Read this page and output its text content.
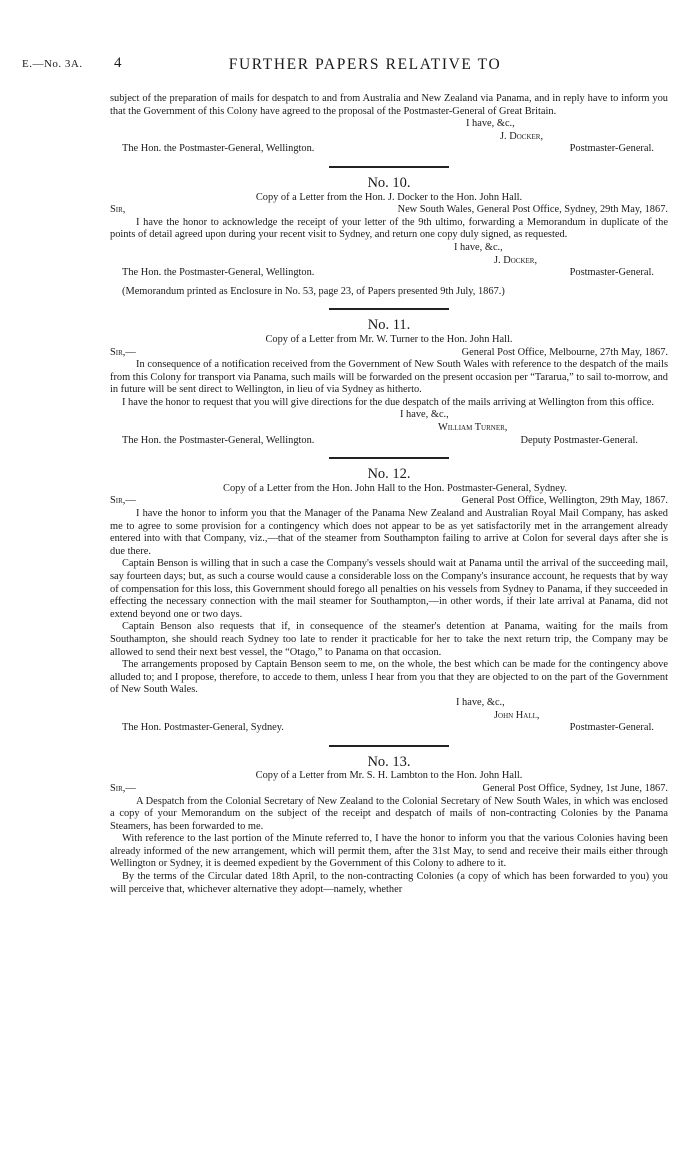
E.—No. 3A. 4	FURTHER PAPERS RELATIVE TO

subject of the preparation of mails for despatch to and from Australia and New Zealand via Panama, and in reply have to inform you that the Government of this Colony have agreed to the proposal of the Postmaster-General of Great Britain.

I have, &c.,

J. Docker,

The Hon. the Postmaster-General, Wellington.	Postmaster-General.

No. 10.

Copy of a Letter from the Hon. J. Docker to the Hon. John Hall.

Sir,	New South Wales, General Post Office, Sydney, 29th May, 1867.

I have the honor to acknowledge the receipt of your letter of the 9th ultimo, forwarding a Memorandum in duplicate of the points of detail agreed upon during your recent visit to Sydney, and return one copy duly signed, as requested.

I have, &c.,

J. Docker,

The Hon. the Postmaster-General, Wellington.	Postmaster-General.

(Memorandum printed as Enclosure in No. 53, page 23, of Papers presented 9th July, 1867.)

No. 11.

Copy of a Letter from Mr. W. Turner to the Hon. John Hall.

Sir,—	General Post Office, Melbourne, 27th May, 1867.

In consequence of a notification received from the Government of New South Wales with reference to the despatch of the mails from this Colony for transport via Panama, such mails will be forwarded on the present occasion per “Tararua,” to sail to-morrow, and in future will be sent direct to Wellington, in lieu of via Sydney as hitherto.

I have the honor to request that you will give directions for the due despatch of the mails arriving at Wellington from this office.

I have, &c.,

William Turner,

The Hon. the Postmaster-General, Wellington.	Deputy Postmaster-General.

No. 12.

Copy of a Letter from the Hon. John Hall to the Hon. Postmaster-General, Sydney.

Sir,—	General Post Office, Wellington, 29th May, 1867.

I have the honor to inform you that the Manager of the Panama New Zealand and Australian Royal Mail Company, has asked me to agree to some provision for a contingency which does not appear to be as yet satisfactorily met in the arrangement already entered into with that Company, viz.,—that of the steamer from Southampton failing to arrive at Colon for several days after she is due there.

Captain Benson is willing that in such a case the Company's vessels should wait at Panama until the arrival of the succeeding mail, say fourteen days; but, as such a course would cause a considerable loss on the Company's insurance account, he requests that by way of compensation for this loss, this Government should forego all penalties on his vessels from Sydney to Panama, if they succeeded in effecting the necessary connection with the mail steamer for Southampton,—in other words, if their late arrival at Panama, did not extend beyond one or two days.

Captain Benson also requests that if, in consequence of the steamer's detention at Panama, waiting for the mails from Southampton, she should reach Sydney too late to render it practicable for her to take the next return trip, the Company may be allowed to send their next best vessel, the “Otago,” to Panama on that occasion.

The arrangements proposed by Captain Benson seem to me, on the whole, the best which can be made for the contingency above alluded to; and I propose, therefore, to accede to them, unless I hear from you that they are objected to on the part of the Government of New South Wales.

I have, &c.,

John Hall,

The Hon. Postmaster-General, Sydney.	Postmaster-General.

No. 13.

Copy of a Letter from Mr. S. H. Lambton to the Hon. John Hall.

Sir,—	General Post Office, Sydney, 1st June, 1867.

A Despatch from the Colonial Secretary of New Zealand to the Colonial Secretary of New South Wales, in which was enclosed a copy of your Memorandum on the subject of the receipt and despatch of mails of non-contracting Colonies by the Panama Steamers, has been forwarded to me.

With reference to the last portion of the Minute referred to, I have the honor to inform you that the various Colonies having been already informed of the new arrangement, which will permit them, after the 31st May, to send and receive their mails either through Wellington or Sydney, it is deemed expedient by the Government of this Colony to adhere to it.

By the terms of the Circular dated 18th April, to the non-contracting Colonies (a copy of which has been forwarded to you) you will perceive that, whichever alternative they adopt—namely, whether
